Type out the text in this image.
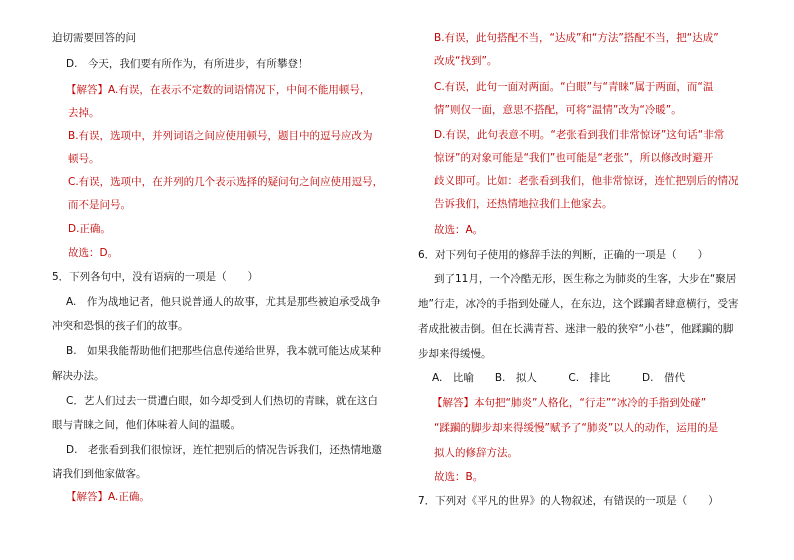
迫切需要回答的问
D.　今天，我们要有所作为，有所进步，有所攀登！
【解答】A.有误，在表示不定数的词语情况下，中间不能用顿号，
去掉。
B.有误，选项中，并列词语之间应使用顿号，题目中的逗号应改为
顿号。
C.有误，选项中，在并列的几个表示选择的疑问句之间应使用逗号，
而不是问号。
D.正确。
故选：D。
5．下列各句中，没有语病的一项是（　　）
A.　作为战地记者，他只说普通人的故事，尤其是那些被迫承受战争
冲突和恐惧的孩子们的故事。
B.　如果我能帮助他们把那些信息传递给世界，我本就可能达成某种
解决办法。
C．艺人们过去一贯遭白眼，如今却受到人们热切的青睐，就在这白
眼与青睐之间，他们体味着人间的温暖。
D.　老张看到我们很惊讶，连忙把别后的情况告诉我们，还热情地邀
请我们到他家做客。
【解答】A.正确。
B.有误，此句搭配不当，“达成”和“方法”搭配不当，把“达成”
改成“找到”。
C.有误，此句一面对两面。“白眼”与“青睐”属于两面，而“温
情”则仅一面，意思不搭配，可将“温情”改为“冷暖”。
D.有误，此句表意不明。“老张看到我们非常惊讶”这句话“非常
惊讶”的对象可能是“我们”也可能是“老张”，所以修改时避开
歧义即可。比如：老张看到我们，他非常惊讶，连忙把别后的情况
告诉我们，还热情地拉我们上他家去。
故选：A。
6．对下列句子使用的修辞手法的判断，正确的一项是（　　）
到了11月，一个冷酷无形，医生称之为肺炎的生客，大步在“聚居
地”行走，冰冷的手指到处碰人，在东边，这个蹂躏者肆意横行，受害
者成批被击倒。但在长满青苔、迷津一般的狭窄“小巷”，他蹂躏的脚
步却来得缓慢。
A.　比喻　　B.　拟人　　　C.　排比　　　D.　借代
【解答】本句把“肺炎”人格化，“行走”“冰冷的手指到处碰”
“蹂躏的脚步却来得缓慢”赋予了“肺炎”以人的动作，运用的是
拟人的修辞方法。
故选：B。
7．下列对《平凡的世界》的人物叙述，有错误的一项是（　　）
